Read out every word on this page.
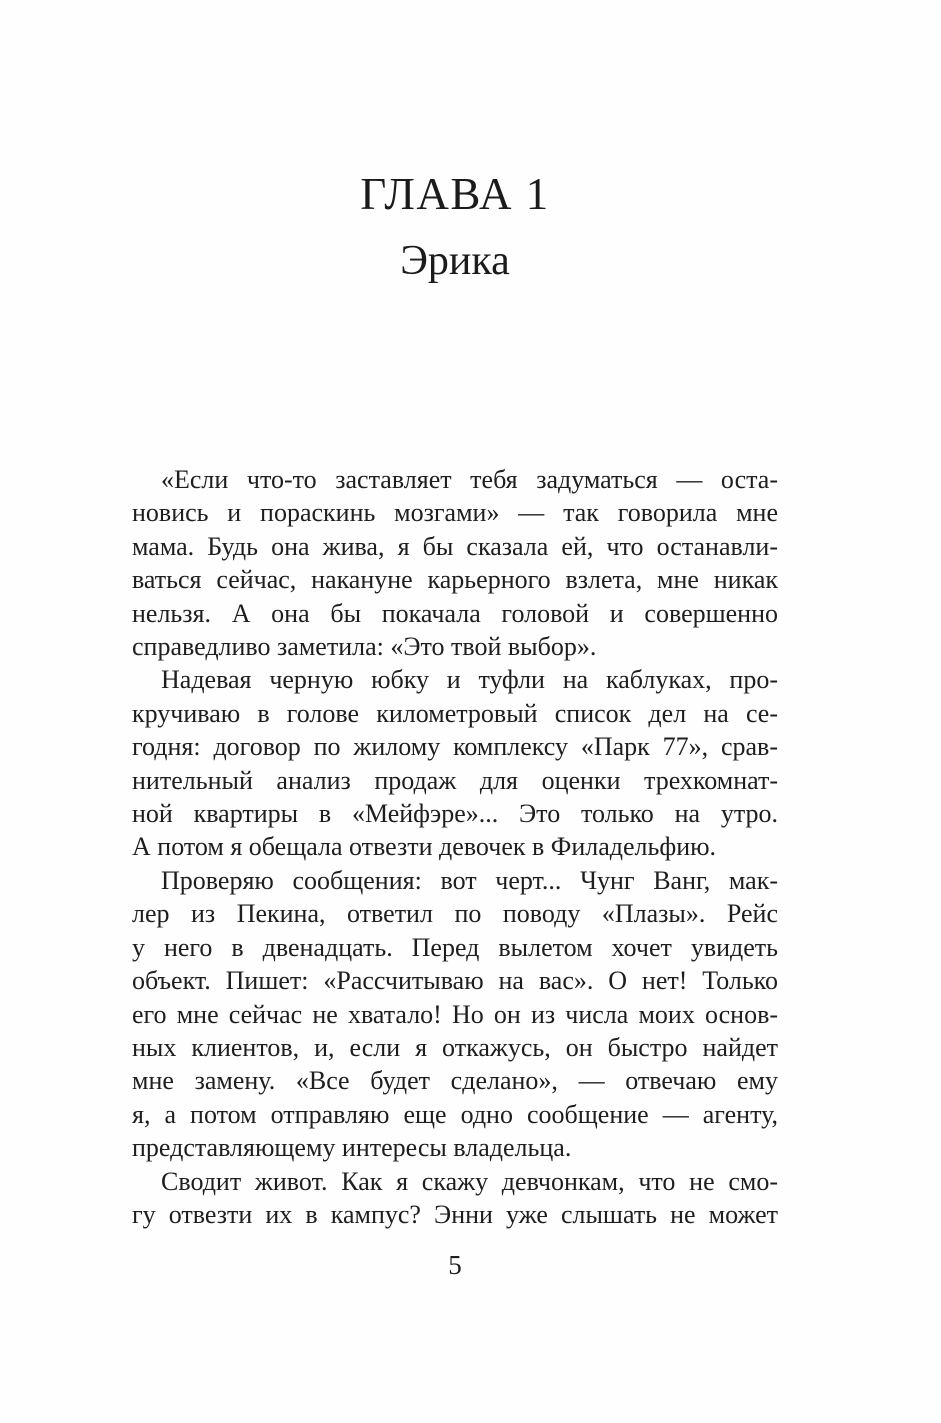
ГЛАВА 1
Эрика
«Если что-то заставляет тебя задуматься — оста-
новись и пораскинь мозгами» — так говорила мне
мама. Будь она жива, я бы сказала ей, что останавли-
ваться сейчас, накануне карьерного взлета, мне никак
нельзя. А она бы покачала головой и совершенно
справедливо заметила: «Это твой выбор».
Надевая черную юбку и туфли на каблуках, про-
кручиваю в голове километровый список дел на се-
годня: договор по жилому комплексу «Парк 77», срав-
нительный анализ продаж для оценки трехкомнат-
ной квартиры в «Мейфэре»... Это только на утро.
А потом я обещала отвезти девочек в Филадельфию.
Проверяю сообщения: вот черт... Чунг Ванг, мак-
лер из Пекина, ответил по поводу «Плазы». Рейс
у него в двенадцать. Перед вылетом хочет увидеть
объект. Пишет: «Рассчитываю на вас». О нет! Только
его мне сейчас не хватало! Но он из числа моих основ-
ных клиентов, и, если я откажусь, он быстро найдет
мне замену. «Все будет сделано», — отвечаю ему
я, а потом отправляю еще одно сообщение — агенту,
представляющему интересы владельца.
Сводит живот. Как я скажу девчонкам, что не смо-
гу отвезти их в кампус? Энни уже слышать не может
5
